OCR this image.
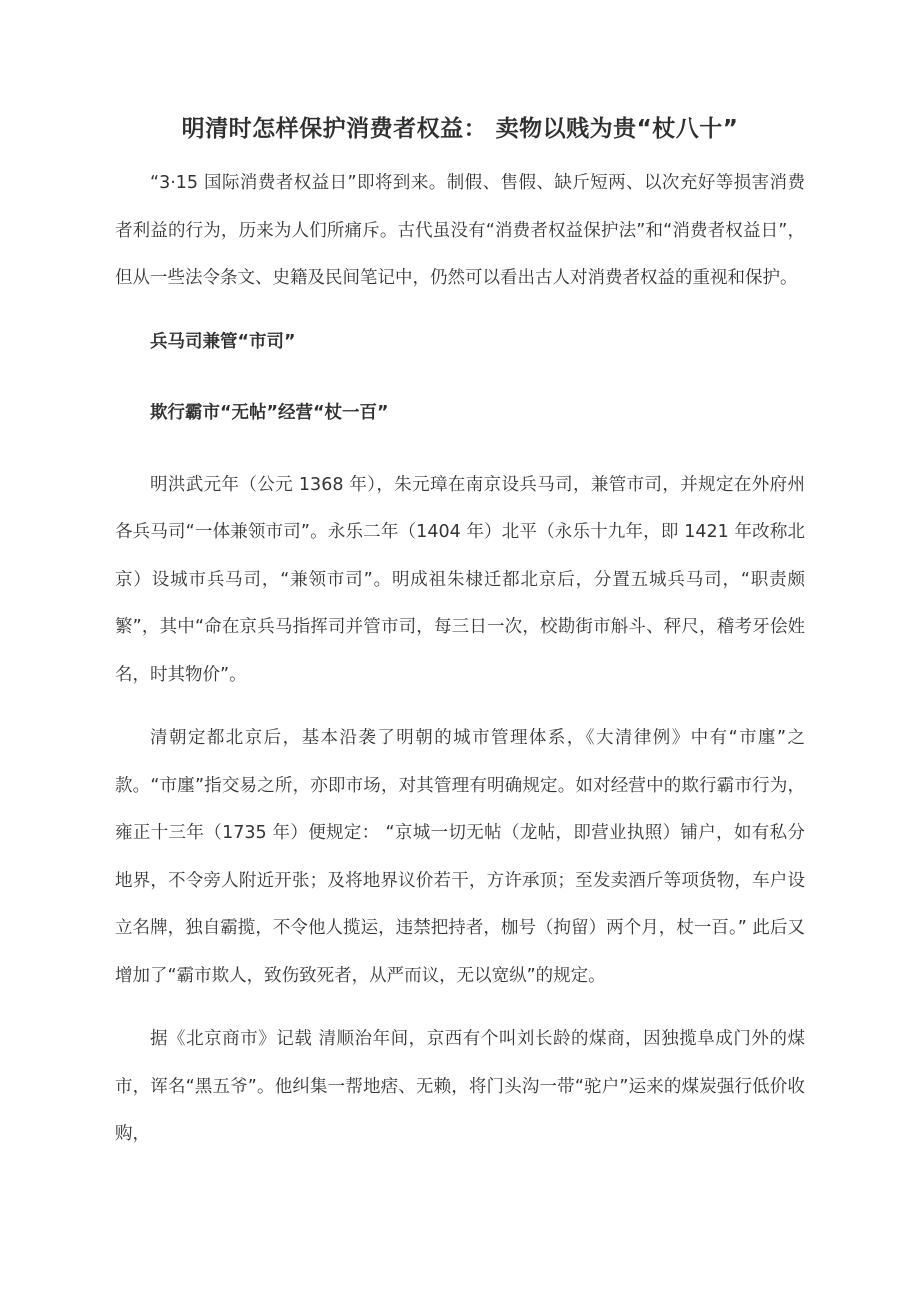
明清时怎样保护消费者权益： 卖物以贱为贵“杖八十”

“3·15 国际消费者权益日”即将到来。制假、售假、缺斤短两、以次充好等损害消费者利益的行为，历来为人们所痛斥。古代虽没有“消费者权益保护法”和“消费者权益日”，但从一些法令条文、史籍及民间笔记中，仍然可以看出古人对消费者权益的重视和保护。

兵马司兼管“市司”
欺行霸市“无帖”经营“杖一百”

明洪武元年（公元 1368 年），朱元璋在南京设兵马司，兼管市司，并规定在外府州各兵马司“一体兼领市司”。永乐二年（1404 年）北平（永乐十九年，即 1421 年改称北京）设城市兵马司，“兼领市司”。明成祖朱棣迁都北京后，分置五城兵马司，“职责颇繁”，其中“命在京兵马指挥司并管市司，每三日一次，校勘街市斛斗、秤尺，稽考牙侩姓名，时其物价”。

清朝定都北京后，基本沿袭了明朝的城市管理体系，《大清律例》中有“市廛”之款。“市廛”指交易之所，亦即市场，对其管理有明确规定。如对经营中的欺行霸市行为，雍正十三年（1735 年）便规定： “京城一切无帖（龙帖，即营业执照）铺户，如有私分地界，不令旁人附近开张；及将地界议价若干，方许承顶；至发卖酒斤等项货物，车户设立名牌，独自霸揽，不令他人揽运，违禁把持者，枷号（拘留）两个月，杖一百。” 此后又增加了“霸市欺人，致伤致死者，从严而议，无以宽纵”的规定。

据《北京商市》记载 清顺治年间，京西有个叫刘长龄的煤商，因独揽阜成门外的煤市，诨名“黑五爷”。他纠集一帮地痞、无赖，将门头沟一带“驼户”运来的煤炭强行低价收购，
